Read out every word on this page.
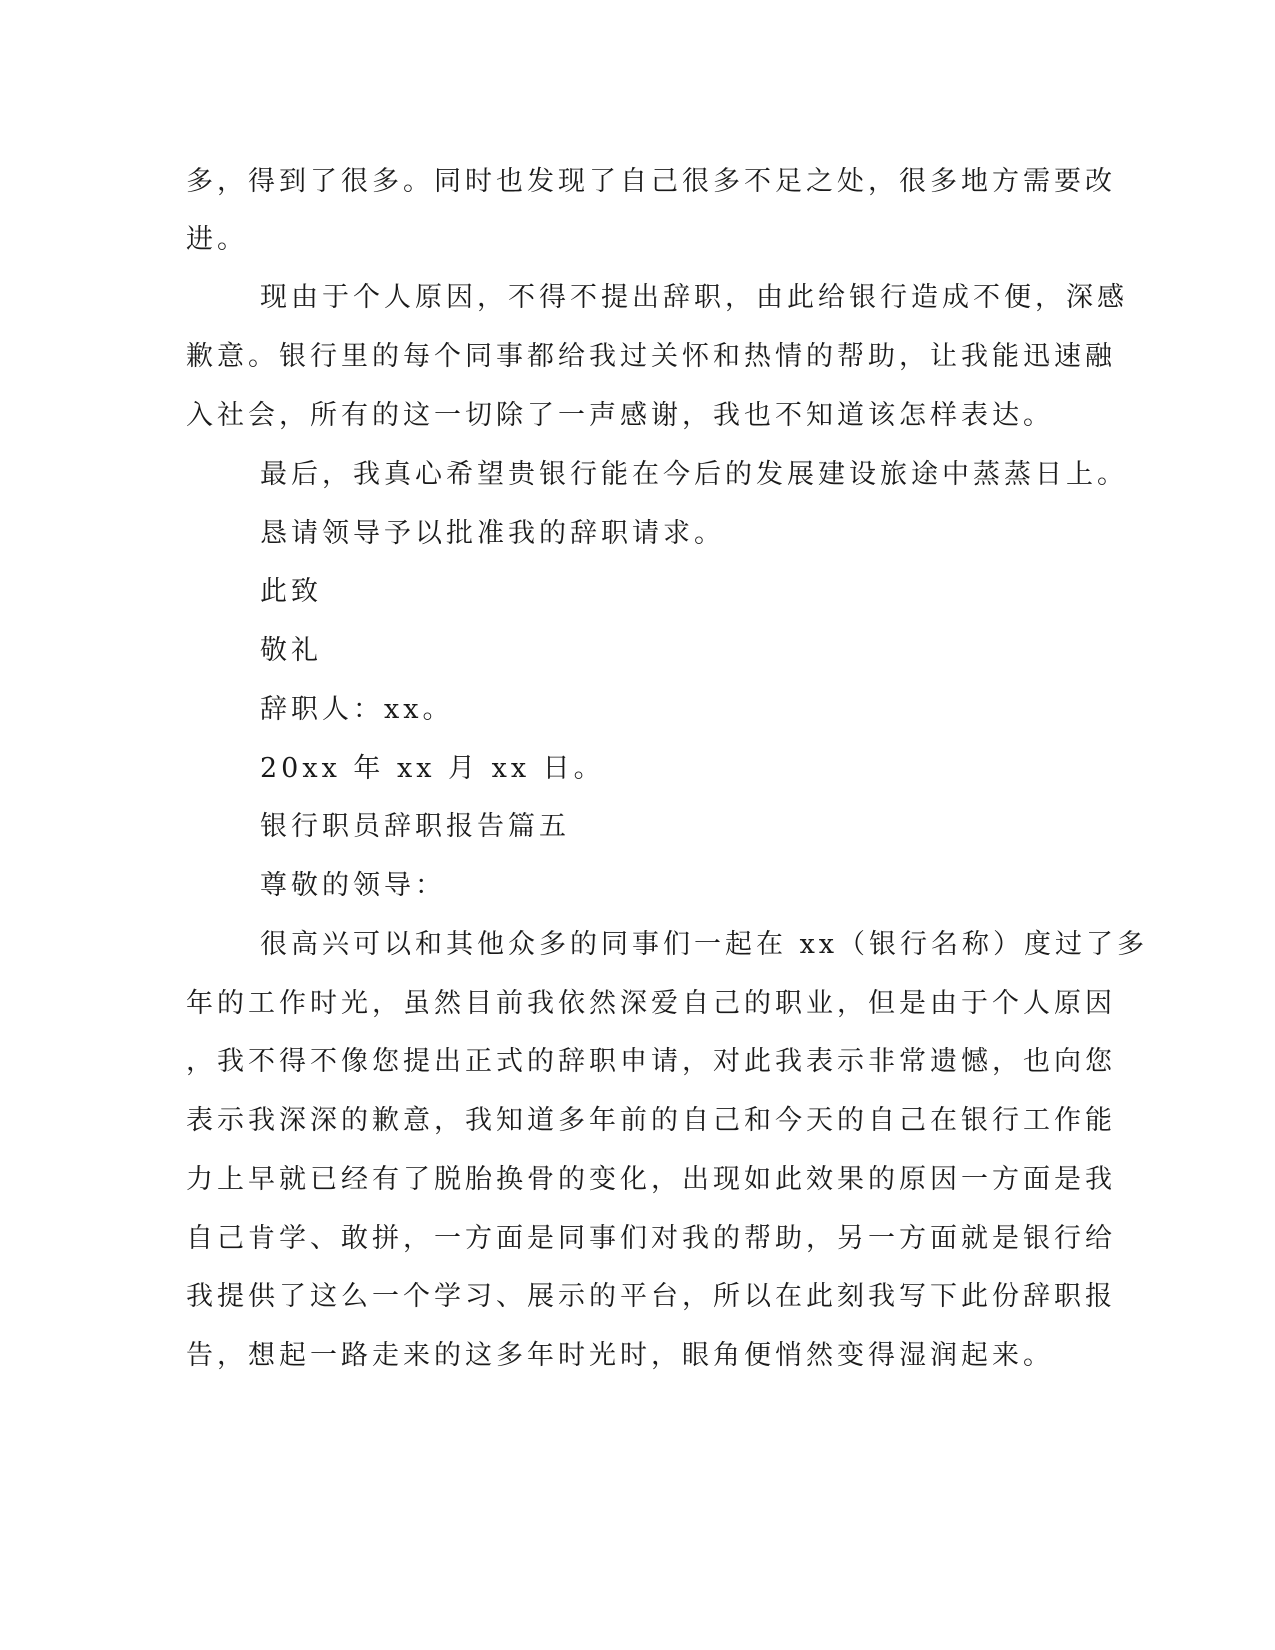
多，得到了很多。同时也发现了自己很多不足之处，很多地方需要改
进。
现由于个人原因，不得不提出辞职，由此给银行造成不便，深感
歉意。银行里的每个同事都给我过关怀和热情的帮助，让我能迅速融
入社会，所有的这一切除了一声感谢，我也不知道该怎样表达。
最后，我真心希望贵银行能在今后的发展建设旅途中蒸蒸日上。
恳请领导予以批准我的辞职请求。
此致
敬礼
辞职人：xx。
20xx 年 xx 月 xx 日。
银行职员辞职报告篇五
尊敬的领导：
很高兴可以和其他众多的同事们一起在 xx（银行名称）度过了多
年的工作时光，虽然目前我依然深爱自己的职业，但是由于个人原因
，我不得不像您提出正式的辞职申请，对此我表示非常遗憾，也向您
表示我深深的歉意，我知道多年前的自己和今天的自己在银行工作能
力上早就已经有了脱胎换骨的变化，出现如此效果的原因一方面是我
自己肯学、敢拼，一方面是同事们对我的帮助，另一方面就是银行给
我提供了这么一个学习、展示的平台，所以在此刻我写下此份辞职报
告，想起一路走来的这多年时光时，眼角便悄然变得湿润起来。
